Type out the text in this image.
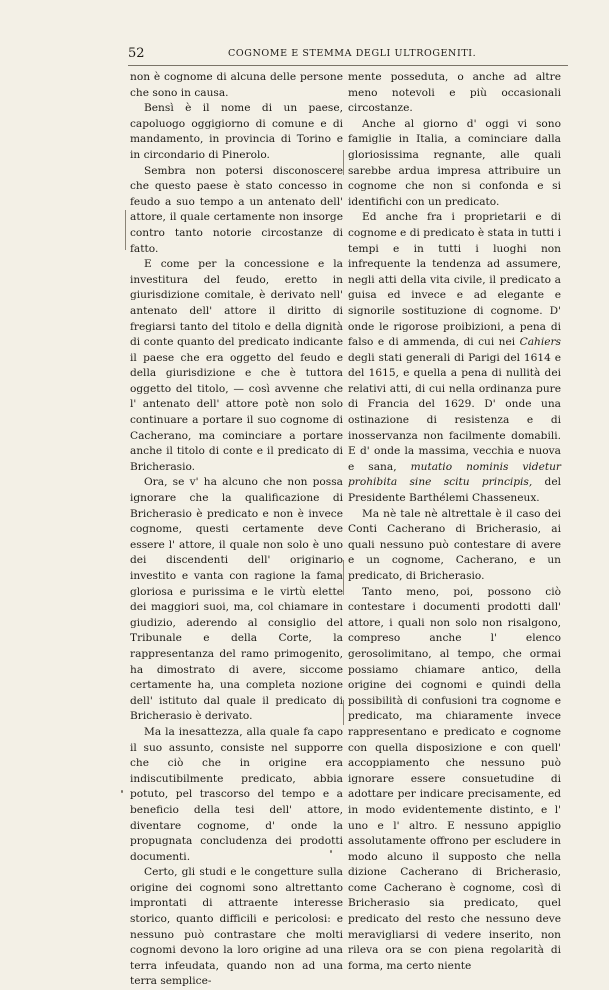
52	COGNOME E STEMMA DEGLI ULTROGENITI.

non è cognome di alcuna delle persone che sono in causa.

Bensì è il nome di un paese, capoluogo oggigiorno di comune e di mandamento, in provincia di Torino e in circondario di Pinerolo.

Sembra non potersi disconoscere che questo paese è stato concesso in feudo a suo tempo a un antenato dell' attore, il quale certamente non insorge contro tanto notorie circostanze di fatto.

E come per la concessione e la investitura del feudo, eretto in giurisdizione comitale, è derivato nell' antenato dell' attore il diritto di fregiarsi tanto del titolo e della dignità di conte quanto del predicato indicante il paese che era oggetto del feudo e della giurisdizione e che è tuttora oggetto del titolo, — così avvenne che l' antenato dell' attore potè non solo continuare a portare il suo cognome di Cacherano, ma cominciare a portare anche il titolo di conte e il predicato di Bricherasio.

Ora, se v' ha alcuno che non possa ignorare che la qualificazione di Bricherasio è predicato e non è invece cognome, questi certamente deve essere l' attore, il quale non solo è uno dei discendenti dell' originario investito e vanta con ragione la fama gloriosa e purissima e le virtù elette dei maggiori suoi, ma, col chiamare in giudizio, aderendo al consiglio del Tribunale e della Corte, la rappresentanza del ramo primogenito, ha dimostrato di avere, siccome certamente ha, una completa nozione dell' istituto dal quale il predicato di Bricherasio è derivato.

Ma la inesattezza, alla quale fa capo il suo assunto, consiste nel supporre che ciò che in origine era indiscutibilmente predicato, abbia potuto, pel trascorso del tempo e a beneficio della tesi dell' attore, diventare cognome, d' onde la propugnata concludenza dei prodotti documenti.

Certo, gli studi e le congetture sulla origine dei cognomi sono altrettanto improntati di attraente interesse storico, quanto difficili e pericolosi: e nessuno può contrastare che molti cognomi devono la loro origine ad una terra infeudata, quando non ad una terra semplice-

mente posseduta, o anche ad altre meno notevoli e più occasionali circostanze.

Anche al giorno d' oggi vi sono famiglie in Italia, a cominciare dalla gloriosissima regnante, alle quali sarebbe ardua impresa attribuire un cognome che non si confonda e si identifichi con un predicato.

Ed anche fra i proprietarii e di cognome e di predicato è stata in tutti i tempi e in tutti i luoghi non infrequente la tendenza ad assumere, negli atti della vita civile, il predicato a guisa ed invece e ad elegante e signorile sostituzione di cognome. D' onde le rigorose proibizioni, a pena di falso e di ammenda, di cui nei Cahiers degli stati generali di Parigi del 1614 e del 1615, e quella a pena di nullità dei relativi atti, di cui nella ordinanza pure di Francia del 1629. D' onde una ostinazione di resistenza e di inosservanza non facilmente domabili. E d' onde la massima, vecchia e nuova e sana, mutatio nominis videtur prohibita sine scitu principis, del Presidente Barthélemi Chasseneux.

Ma nè tale nè altrettale è il caso dei Conti Cacherano di Bricherasio, ai quali nessuno può contestare di avere e un cognome, Cacherano, e un predicato, di Bricherasio.

Tanto meno, poi, possono ciò contestare i documenti prodotti dall' attore, i quali non solo non risalgono, compreso anche l' elenco gerosolimitano, al tempo, che ormai possiamo chiamare antico, della origine dei cognomi e quindi della possibilità di confusioni tra cognome e predicato, ma chiaramente invece rappresentano e predicato e cognome con quella disposizione e con quell' accoppiamento che nessuno può ignorare essere consuetudine di adottare per indicare precisamente, ed in modo evidentemente distinto, e l' uno e l' altro. E nessuno appiglio assolutamente offrono per escludere in modo alcuno il supposto che nella dizione Cacherano di Bricherasio, come Cacherano è cognome, così di Bricherasio sia predicato, quel predicato del resto che nessuno deve meravigliarsi di vedere inserito, non rileva ora se con piena regolarità di forma, ma certo niente
